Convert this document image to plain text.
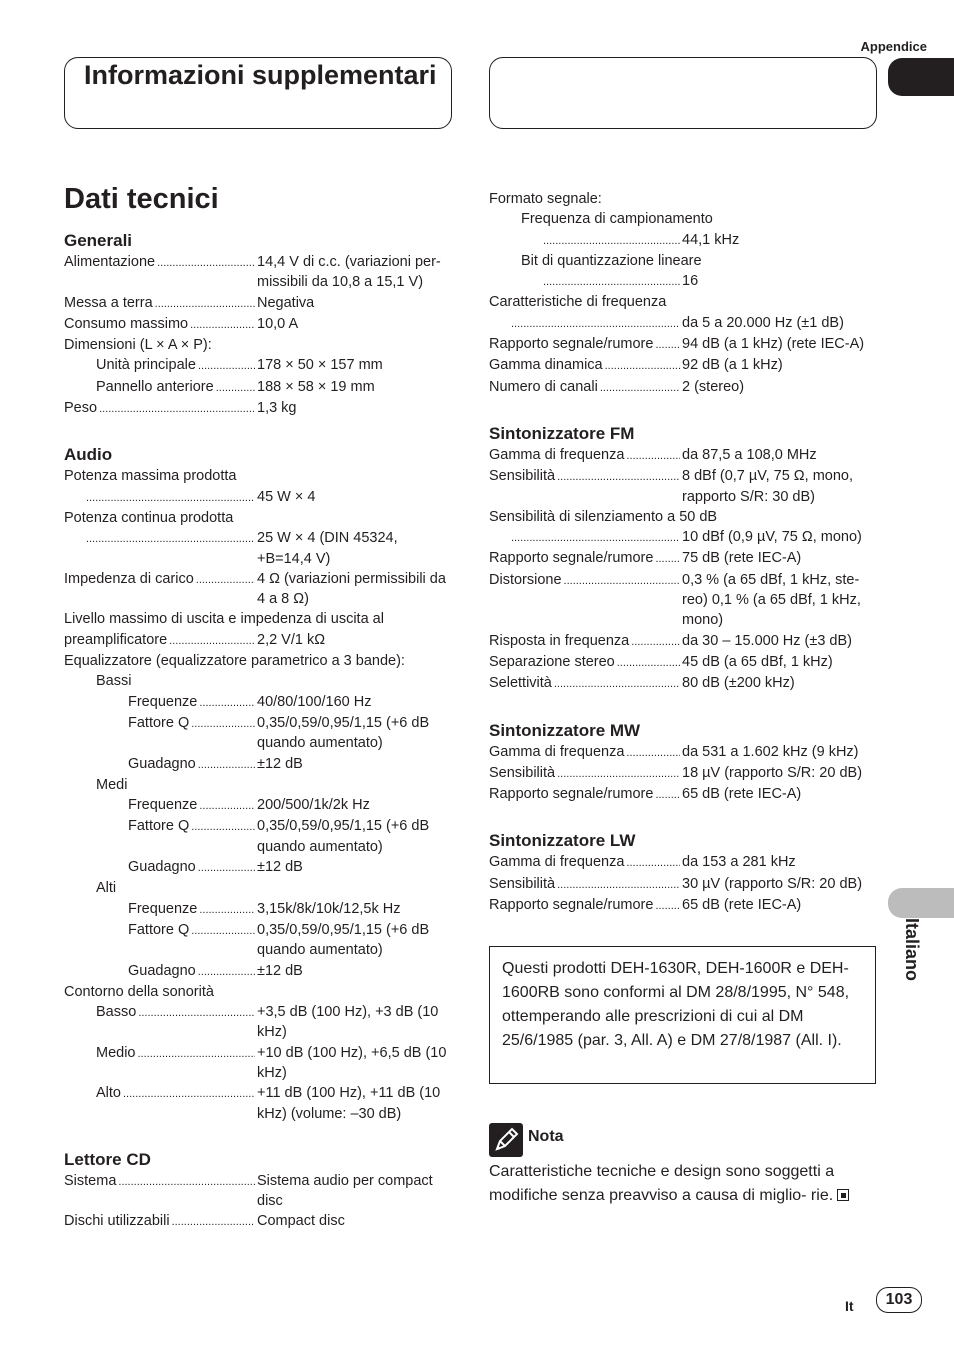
Appendice
Informazioni supplementari
Dati tecnici
Generali
Alimentazione .....	14,4 V di c.c. (variazioni per- missibili da 10,8 a 15,1 V)
Messa a terra .....	Negativa
Consumo massimo .....	10,0 A
Dimensioni (L × A × P):
Unità principale .....	178 × 50 × 157 mm
Pannello anteriore .....	188 × 58 × 19 mm
Peso .....	1,3 kg
Audio
Potenza massima prodotta
.....
45 W × 4
Potenza continua prodotta
.....
25 W × 4 (DIN 45324, +B=14,4 V)
Impedenza di carico .....	4 Ω (variazioni permissibili da 4 a 8 Ω)
Livello massimo di uscita e impedenza di uscita al
preamplificatore .....	2,2 V/1 kΩ
Equalizzatore (equalizzatore parametrico a 3 bande):
Bassi
Frequenze .....	40/80/100/160 Hz
Fattore Q .....	0,35/0,59/0,95/1,15 (+6 dB quando aumentato)
Guadagno .....	±12 dB
Medi
Frequenze .....	200/500/1k/2k Hz
Fattore Q .....	0,35/0,59/0,95/1,15 (+6 dB quando aumentato)
Guadagno .....	±12 dB
Alti
Frequenze .....	3,15k/8k/10k/12,5k Hz
Fattore Q .....	0,35/0,59/0,95/1,15 (+6 dB quando aumentato)
Guadagno .....	±12 dB
Contorno della sonorità
Basso .....	+3,5 dB (100 Hz), +3 dB (10 kHz)
Medio .....	+10 dB (100 Hz), +6,5 dB (10 kHz)
Alto .....	+11 dB (100 Hz), +11 dB (10 kHz) (volume: –30 dB)
Lettore CD
Sistema .....	Sistema audio per compact disc
Dischi utilizzabili .....	Compact disc
Formato segnale:
Frequenza di campionamento
.....
44,1 kHz
Bit di quantizzazione lineare
.....
16
Caratteristiche di frequenza
.....
da 5 a 20.000 Hz (±1 dB)
Rapporto segnale/rumore ..... 94 dB (a 1 kHz) (rete IEC-A)
Gamma dinamica .....	92 dB (a 1 kHz)
Numero di canali .....	2 (stereo)
Sintonizzatore FM
Gamma di frequenza .....	da 87,5 a 108,0 MHz
Sensibilità .....	8 dBf (0,7 µV, 75 Ω, mono, rapporto S/R: 30 dB)
Sensibilità di silenziamento a 50 dB
.....
10 dBf (0,9 µV, 75 Ω, mono)
Rapporto segnale/rumore ..... 75 dB (rete IEC-A)
Distorsione .....	0,3 % (a 65 dBf, 1 kHz, ste- reo) 0,1 % (a 65 dBf, 1 kHz, mono)
Risposta in frequenza .....	da 30 – 15.000 Hz (±3 dB)
Separazione stereo .....	45 dB (a 65 dBf, 1 kHz)
Selettività .....	80 dB (±200 kHz)
Sintonizzatore MW
Gamma di frequenza .....	da 531 a 1.602 kHz (9 kHz)
Sensibilità .....	18 µV (rapporto S/R: 20 dB)
Rapporto segnale/rumore ..... 65 dB (rete IEC-A)
Sintonizzatore LW
Gamma di frequenza .....	da 153 a 281 kHz
Sensibilità .....	30 µV (rapporto S/R: 20 dB)
Rapporto segnale/rumore ..... 65 dB (rete IEC-A)
Questi prodotti DEH-1630R, DEH-1600R e DEH-1600RB sono conformi al DM 28/8/1995, N° 548, ottemperando alle prescrizioni di cui al DM 25/6/1985 (par. 3, All. A) e DM 27/8/1987 (All. I).
Nota
Caratteristiche tecniche e design sono soggetti a modifiche senza preavviso a causa di miglio- rie.
Italiano
It	103
